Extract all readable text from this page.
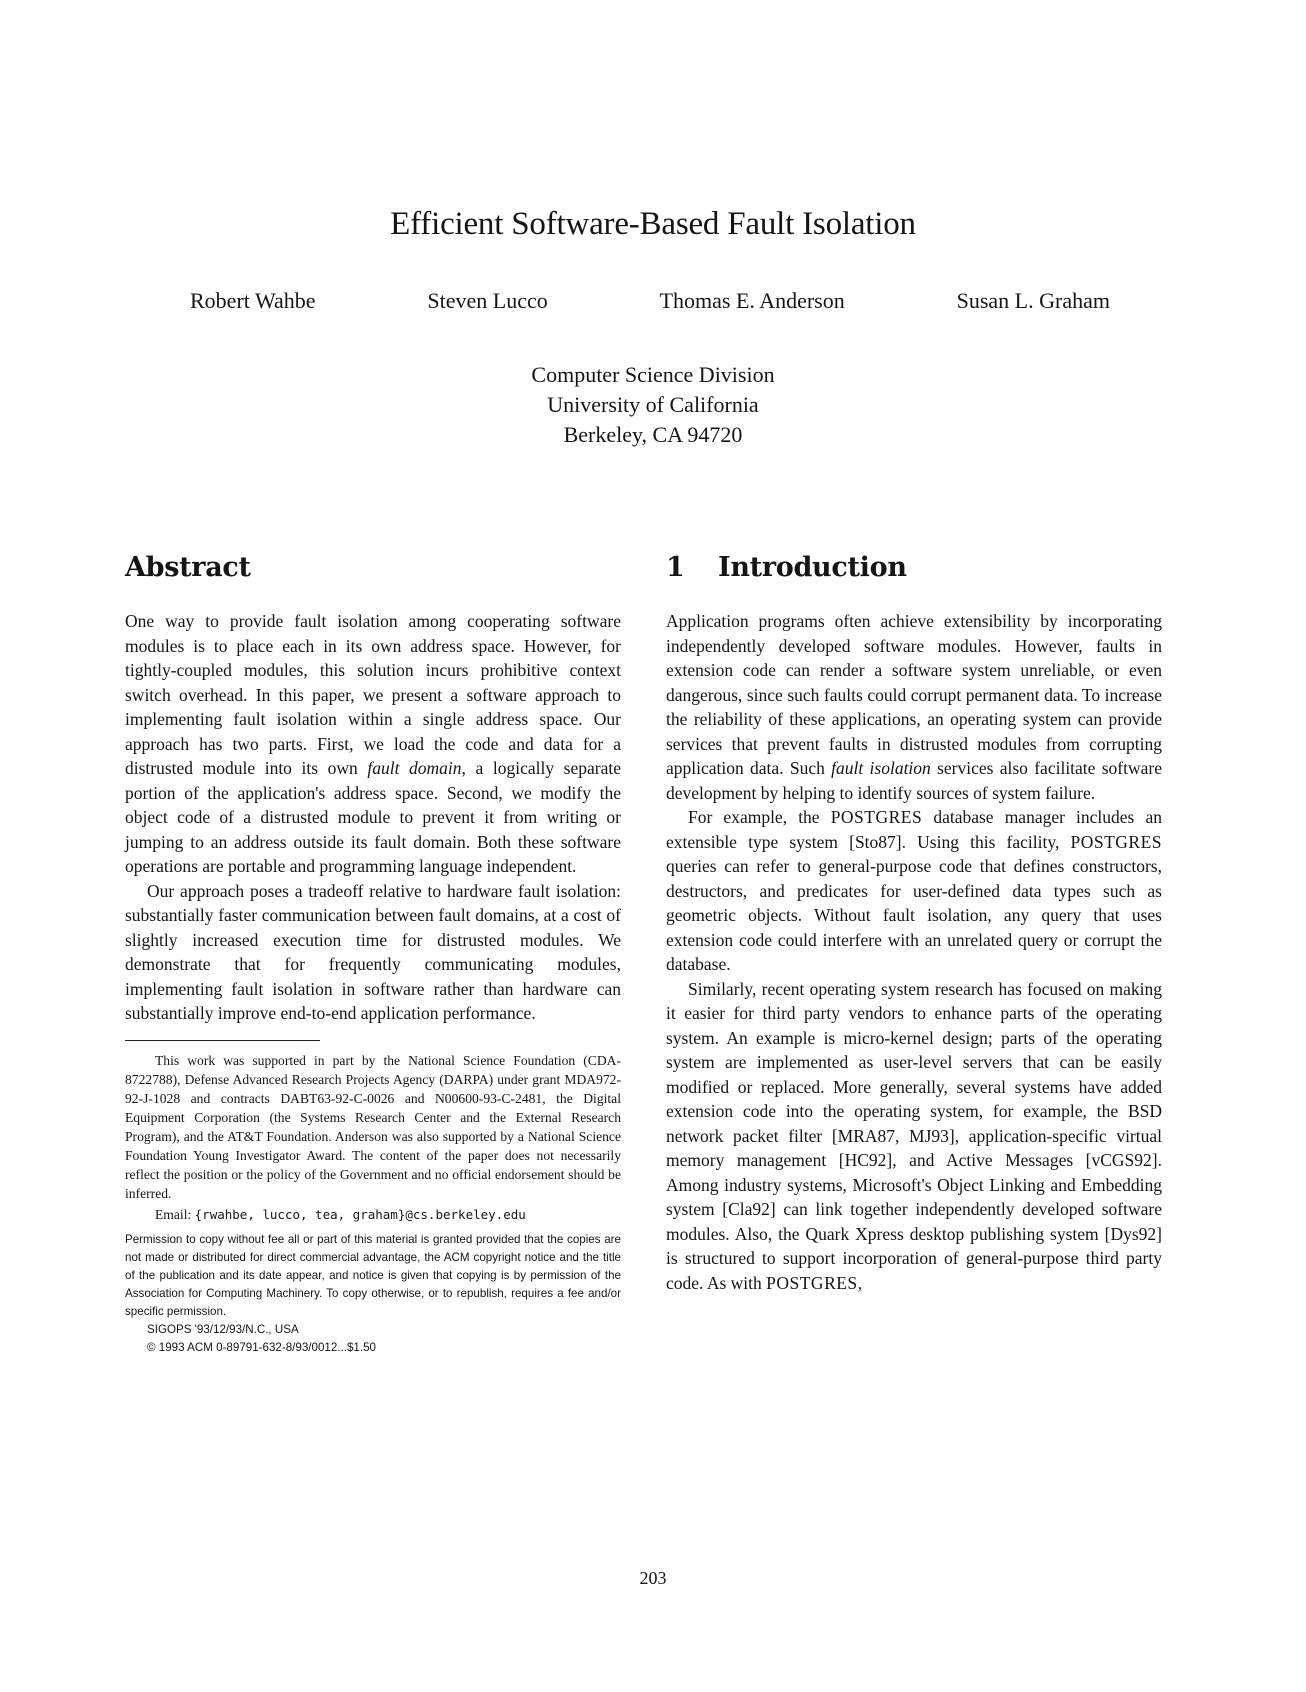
Efficient Software-Based Fault Isolation
Robert Wahbe	Steven Lucco	Thomas E. Anderson	Susan L. Graham
Computer Science Division
University of California
Berkeley, CA 94720
Abstract

One way to provide fault isolation among cooperating software modules is to place each in its own address space. However, for tightly-coupled modules, this solution incurs prohibitive context switch overhead. In this paper, we present a software approach to implementing fault isolation within a single address space. Our approach has two parts. First, we load the code and data for a distrusted module into its own fault domain, a logically separate portion of the application's address space. Second, we modify the object code of a distrusted module to prevent it from writing or jumping to an address outside its fault domain. Both these software operations are portable and programming language independent.

Our approach poses a tradeoff relative to hardware fault isolation: substantially faster communication between fault domains, at a cost of slightly increased execution time for distrusted modules. We demonstrate that for frequently communicating modules, implementing fault isolation in software rather than hardware can substantially improve end-to-end application performance.

This work was supported in part by the National Science Foundation (CDA-8722788), Defense Advanced Research Projects Agency (DARPA) under grant MDA972-92-J-1028 and contracts DABT63-92-C-0026 and N00600-93-C-2481, the Digital Equipment Corporation (the Systems Research Center and the External Research Program), and the AT&T Foundation. Anderson was also supported by a National Science Foundation Young Investigator Award. The content of the paper does not necessarily reflect the position or the policy of the Government and no official endorsement should be inferred.

Email: {rwahbe, lucco, tea, graham}@cs.berkeley.edu

Permission to copy without fee all or part of this material is granted provided that the copies are not made or distributed for direct commercial advantage, the ACM copyright notice and the title of the publication and its date appear, and notice is given that copying is by permission of the Association for Computing Machinery. To copy otherwise, or to republish, requires a fee and/or specific permission.

SIGOPS '93/12/93/N.C., USA

© 1993 ACM 0-89791-632-8/93/0012...$1.50

1 Introduction

Application programs often achieve extensibility by incorporating independently developed software modules. However, faults in extension code can render a software system unreliable, or even dangerous, since such faults could corrupt permanent data. To increase the reliability of these applications, an operating system can provide services that prevent faults in distrusted modules from corrupting application data. Such fault isolation services also facilitate software development by helping to identify sources of system failure.

For example, the POSTGRES database manager includes an extensible type system [Sto87]. Using this facility, POSTGRES queries can refer to general-purpose code that defines constructors, destructors, and predicates for user-defined data types such as geometric objects. Without fault isolation, any query that uses extension code could interfere with an unrelated query or corrupt the database.

Similarly, recent operating system research has focused on making it easier for third party vendors to enhance parts of the operating system. An example is micro-kernel design; parts of the operating system are implemented as user-level servers that can be easily modified or replaced. More generally, several systems have added extension code into the operating system, for example, the BSD network packet filter [MRA87, MJ93], application-specific virtual memory management [HC92], and Active Messages [vCGS92]. Among industry systems, Microsoft's Object Linking and Embedding system [Cla92] can link together independently developed software modules. Also, the Quark Xpress desktop publishing system [Dys92] is structured to support incorporation of general-purpose third party code. As with POSTGRES,

203
